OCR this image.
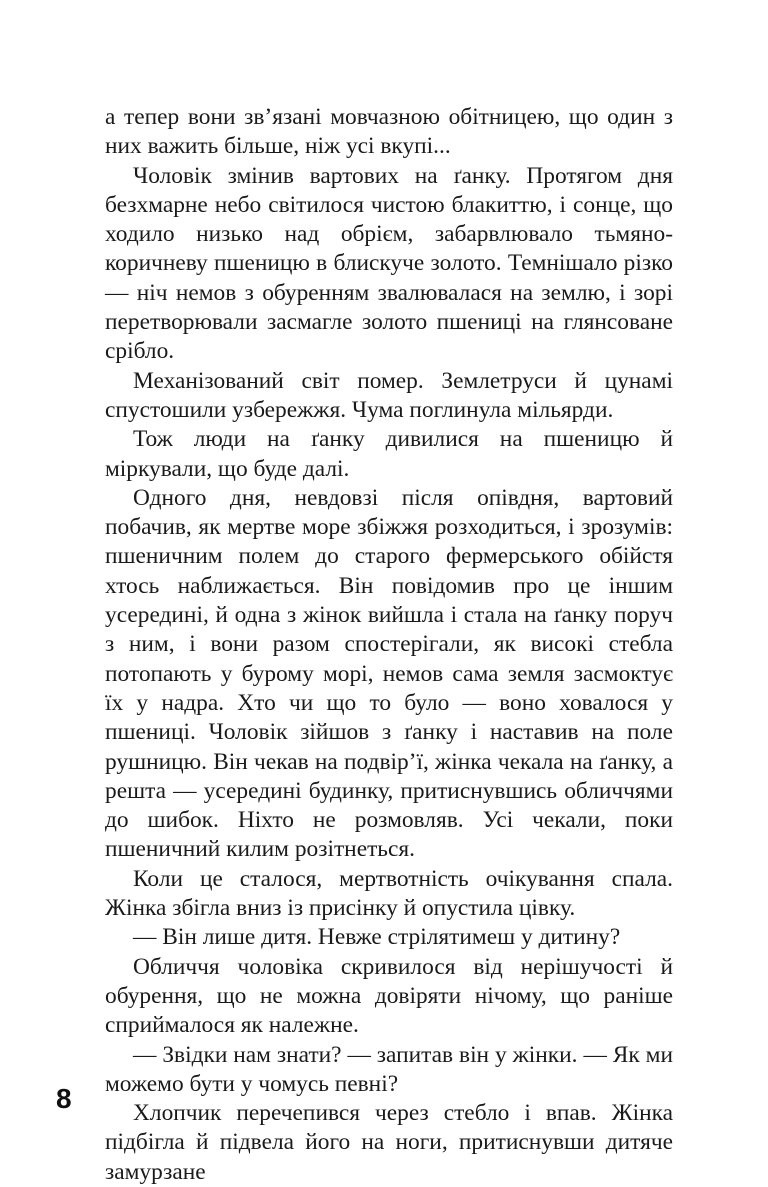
а тепер вони зв’язані мовчазною обітницею, що один з них важить більше, ніж усі вкупі...

Чоловік змінив вартових на ґанку. Протягом дня безхмарне небо світилося чистою блакиттю, і сонце, що ходило низько над обрієм, забарвлювало тьмяно-коричневу пшеницю в блискуче золото. Темнішало різко — ніч немов з обуренням звалювалася на землю, і зорі перетворювали засмагле золото пшениці на глянсоване срібло.

Механізований світ помер. Землетруси й цунамі спустошили узбережжя. Чума поглинула мільярди.

Тож люди на ґанку дивилися на пшеницю й міркували, що буде далі.

Одного дня, невдовзі після опівдня, вартовий побачив, як мертве море збіжжя розходиться, і зрозумів: пшеничним полем до старого фермерського обійстя хтось наближається. Він повідомив про це іншим усередині, й одна з жінок вийшла і стала на ґанку поруч з ним, і вони разом спостерігали, як високі стебла потопають у бурому морі, немов сама земля засмоктує їх у надра. Хто чи що то було — воно ховалося у пшениці. Чоловік зійшов з ґанку і наставив на поле рушницю. Він чекав на подвір’ї, жінка чекала на ґанку, а решта — усередині будинку, притиснувшись обличчями до шибок. Ніхто не розмовляв. Усі чекали, поки пшеничний килим розітнеться.

Коли це сталося, мертвотність очікування спала. Жінка збігла вниз із присінку й опустила цівку.

— Він лише дитя. Невже стрілятимеш у дитину?

Обличчя чоловіка скривилося від нерішучості й обурення, що не можна довіряти нічому, що раніше сприймалося як належне.

— Звідки нам знати? — запитав він у жінки. — Як ми можемо бути у чомусь певні?

Хлопчик перечепився через стебло і впав. Жінка підбігла й підвела його на ноги, притиснувши дитяче замурзане

8
